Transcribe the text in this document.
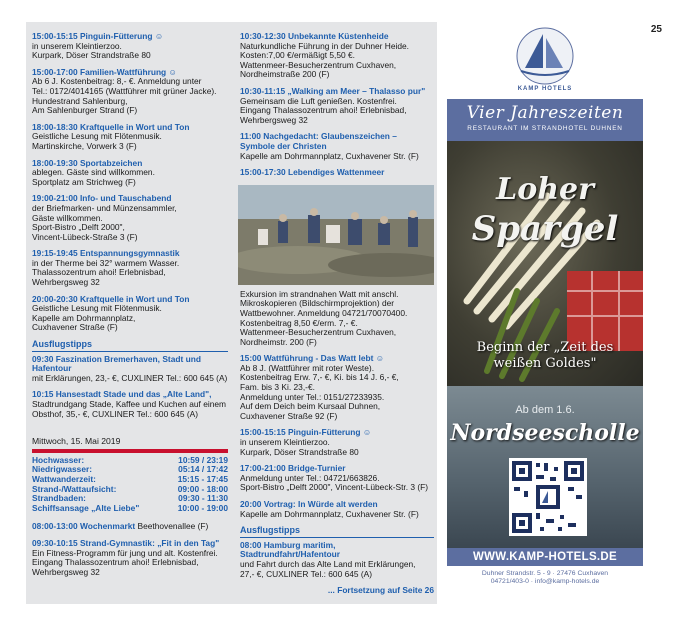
25
15:00-15:15 Pinguin-Fütterung ☺
in unserem Kleintierzoo.
Kurpark, Döser Strandstraße 80
15:00-17:00 Familien-Wattführung ☺
Ab 6 J. Kostenbeitrag: 8,- €. Anmeldung unter
Tel.: 0172/4014165 (Wattführer mit grüner Jacke).
Hundestrand Sahlenburg,
Am Sahlenburger Strand (F)
18:00-18:30 Kraftquelle in Wort und Ton
Geistliche Lesung mit Flötenmusik.
Martinskirche, Vorwerk 3 (F)
18:00-19:30 Sportabzeichen
ablegen. Gäste sind willkommen.
Sportplatz am Strichweg (F)
19:00-21:00 Info- und Tauschabend
der Briefmarken- und Münzensammler,
Gäste willkommen.
Sport-Bistro „Delft 2000",
Vincent-Lübeck-Straße 3 (F)
19:15-19:45 Entspannungsgymnastik
in der Therme bei 32° warmem Wasser.
Thalassozentrum ahoi! Erlebnisbad,
Wehrbergsweg 32
20:00-20:30 Kraftquelle in Wort und Ton
Geistliche Lesung mit Flötenmusik.
Kapelle am Dohrmannplatz,
Cuxhavener Straße (F)
Ausflugstipps
09:30 Faszination Bremerhaven, Stadt und Hafentour
mit Erklärungen, 23,- €, CUXLINER Tel.: 600 645 (A)
10:15 Hansestadt Stade und das „Alte Land",
Stadtrundgang Stade, Kaffee und Kuchen auf einem
Obsthof, 35,- €, CUXLINER Tel.: 600 645 (A)
Mittwoch, 15. Mai 2019
Hochwasser:	10:59 / 23:19
Niedrigwasser:	05:14 / 17:42
Wattwanderzeit:	15:15 - 17:45
Strand-/Wattaufsicht:	09:00 - 18:00
Strandbaden:	09:30 - 11:30
Schiffsansage „Alte Liebe"	10:00 - 19:00
08:00-13:00 Wochenmarkt Beethovenallee (F)
09:30-10:15 Strand-Gymnastik: „Fit in den Tag"
Ein Fitness-Programm für jung und alt. Kostenfrei.
Eingang Thalassozentrum ahoi! Erlebnisbad,
Wehrbergsweg 32
10:30-12:30 Unbekannte Küstenheide
Naturkundliche Führung in der Duhner Heide.
Kosten:7,00 €/ermäßigt 5,50 €.
Wattenmeer-Besucherzentrum Cuxhaven,
Nordheimstraße 200 (F)
10:30-11:15 „Walking am Meer – Thalasso pur"
Gemeinsam die Luft genießen. Kostenfrei.
Eingang Thalassozentrum ahoi! Erlebnisbad,
Wehrbergsweg 32
11:00 Nachgedacht: Glaubenszeichen –
Symbole der Christen
Kapelle am Dohrmannplatz, Cuxhavener Str. (F)
15:00-17:30 Lebendiges Wattenmeer
Exkursion im strandnahen Watt mit anschl.
Mikroskopieren (Bildschirmprojektion) der
Wattbewohner. Anmeldung 04721/70070400.
Kostenbeitrag 8,50 €/erm. 7,- €.
Wattenmeer-Besucherzentrum Cuxhaven,
Nordheimstr. 200 (F)
15:00 Wattführung - Das Watt lebt ☺
Ab 8 J. (Wattführer mit roter Weste).
Kostenbeitrag Erw. 7,- €, Ki. bis 14 J. 6,- €,
Fam. bis 3 Ki. 23,-€.
Anmeldung unter Tel.: 0151/27233935.
Auf dem Deich beim Kursaal Duhnen,
Cuxhavener Straße 92 (F)
15:00-15:15 Pinguin-Fütterung ☺
in unserem Kleintierzoo.
Kurpark, Döser Strandstraße 80
17:00-21:00 Bridge-Turnier
Anmeldung unter Tel.: 04721/663826.
Sport-Bistro „Delft 2000", Vincent-Lübeck-Str. 3 (F)
20:00 Vortrag: In Würde alt werden
Kapelle am Dohrmannplatz, Cuxhavener Str. (F)
Ausflugstipps
08:00 Hamburg maritim, Stadtrundfahrt/Hafentour
und Fahrt durch das Alte Land mit Erklärungen,
27,- €, CUXLINER Tel.: 600 645 (A)
... Fortsetzung auf Seite 26
KAMP HOTELS
Vier Jahreszeiten
RESTAURANT IM STRANDHOTEL DUHNEN
Loher
Spargel
Beginn der „Zeit des weißen Goldes"
Ab dem 1.6.
Nordseescholle
WWW.KAMP-HOTELS.DE
Duhner Strandstr. 5 - 9 · 27476 Cuxhaven
04721/403-0 · info@kamp-hotels.de
